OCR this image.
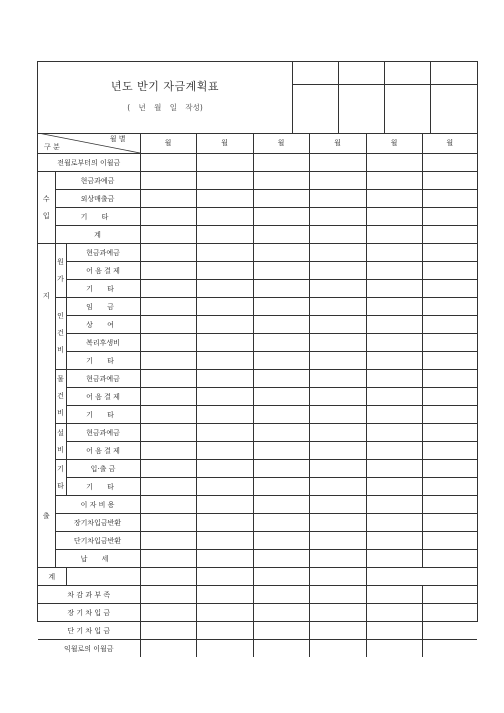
년도 반기 자금계획표
( 년 월 일 작성)
월 별
구 분			월	월	월	월	월	월
전월로부터의 이월금								
수입	현금과예금							
	외상매출금							
	기 타							
	계							

지
출	원가	현금과예금						
		어 음 결 제						
		기 타						
	인건비	임 금						
		상 여						
		복리후생비						
		기 타						
	물건비	현금과예금						
		어 음 결 제						
		기 타						
	설비	현금과예금						
		어 음 결 제						
	기타	입·출 금						
		기 타						
	이 자 비 용							
	장기차입금반환							
	단기차입금반환							
	납 세							
계								
차 감 과 부 족								
장 기 차 입 금								
단 기 차 입 금								
익월로의 이월금								
